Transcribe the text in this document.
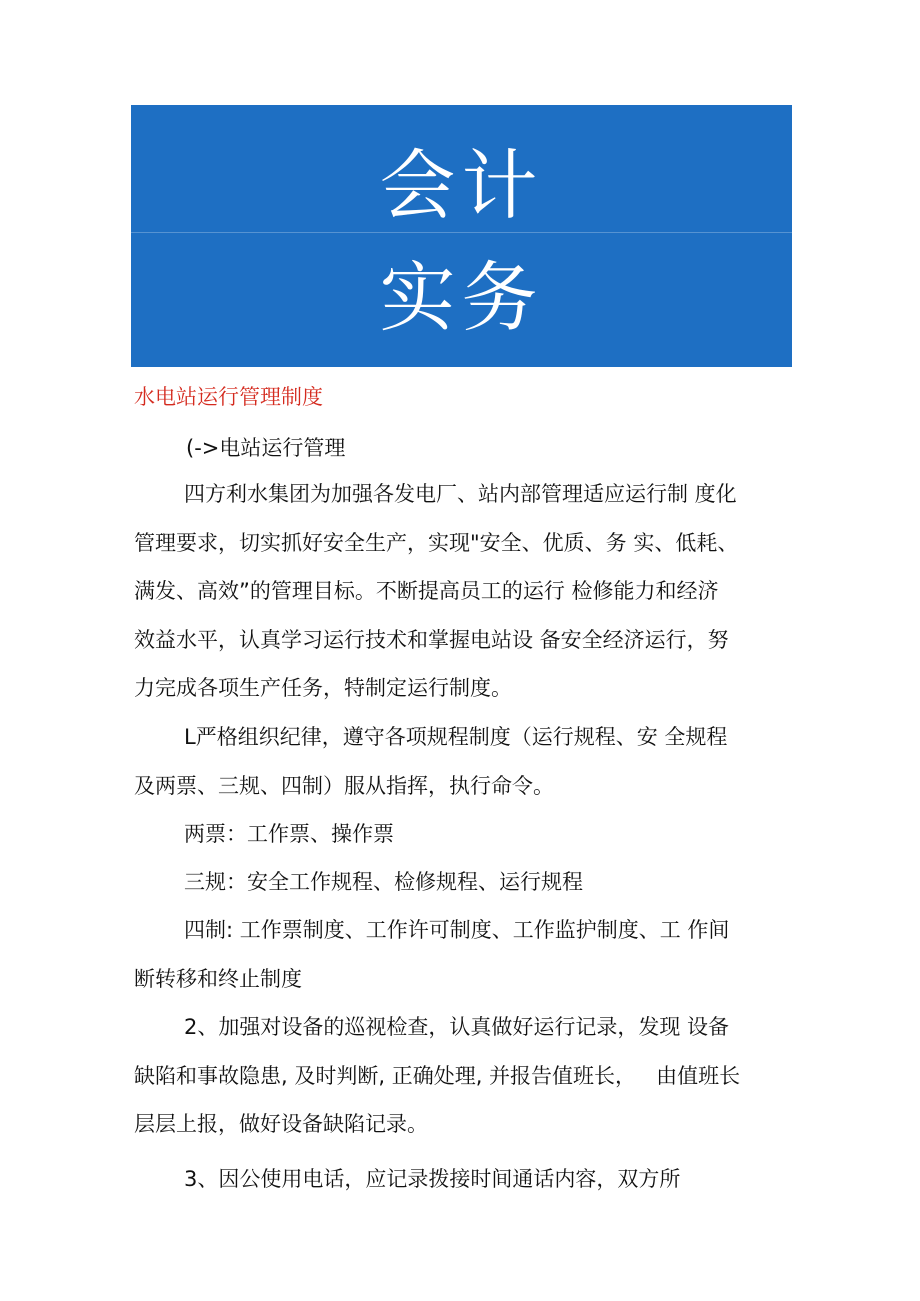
会计
实务
水电站运行管理制度
(->电站运行管理
四方利水集团为加强各发电厂、站内部管理适应运行制 度化
管理要求，切实抓好安全生产，实现"安全、优质、务 实、低耗、
满发、高效”的管理目标。不断提高员工的运行 检修能力和经济
效益水平，认真学习运行技术和掌握电站设 备安全经济运行，努
力完成各项生产任务，特制定运行制度。
L严格组织纪律，遵守各项规程制度（运行规程、安 全规程
及两票、三规、四制）服从指挥，执行命令。
两票：工作票、操作票
三规：安全工作规程、检修规程、运行规程
四制: 工作票制度、工作许可制度、工作监护制度、工 作间
断转移和终止制度
2、加强对设备的巡视检查，认真做好运行记录，发现 设备
缺陷和事故隐患, 及时判断, 正确处理, 并报告值班长，   由值班长
层层上报，做好设备缺陷记录。
3、因公使用电话，应记录拨接时间通话内容，双方所
